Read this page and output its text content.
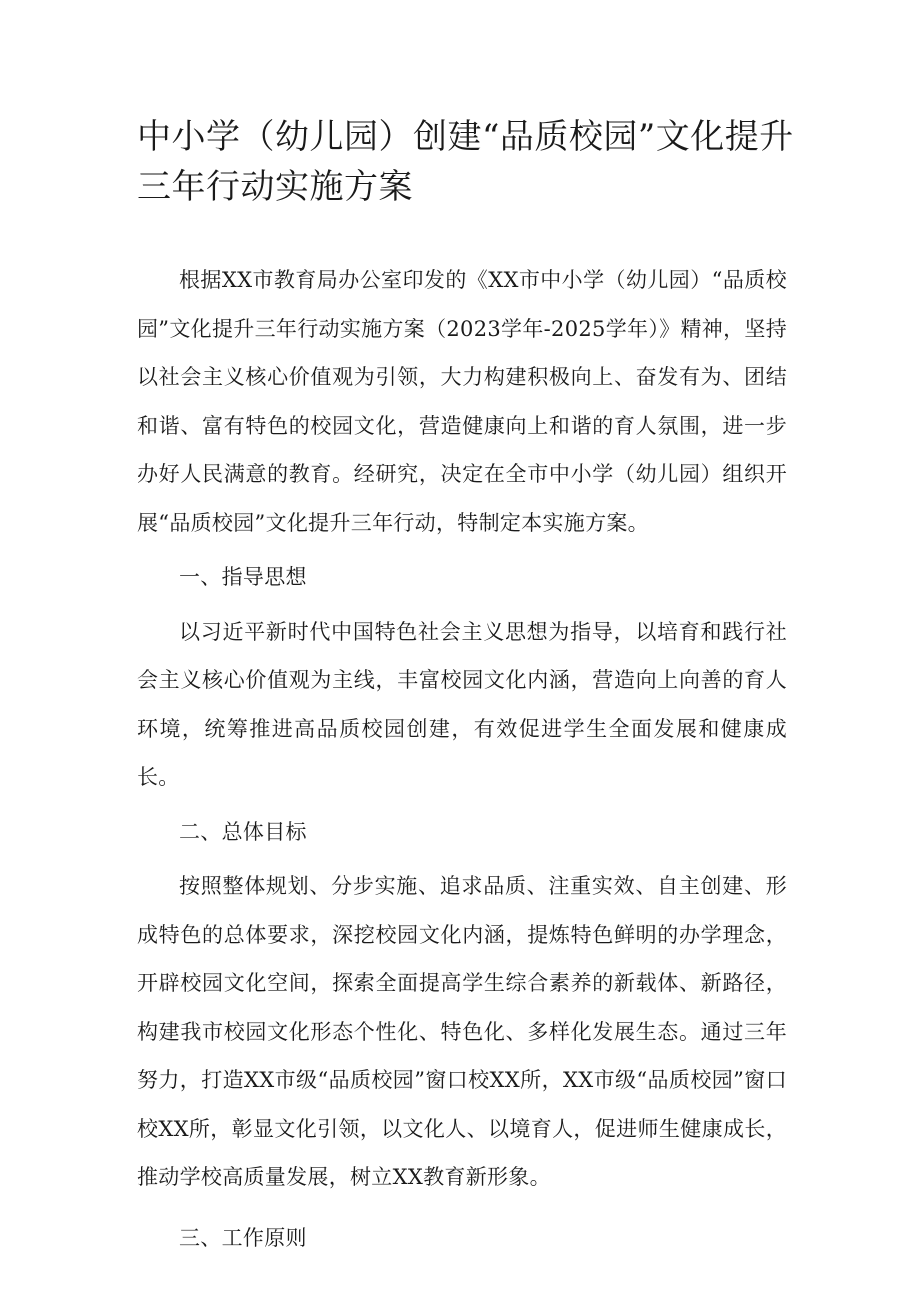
中小学（幼儿园）创建“品质校园”文化提升三年行动实施方案

根据XX市教育局办公室印发的《XX市中小学（幼儿园）“品质校园”文化提升三年行动实施方案（2023学年-2025学年）》精神，坚持以社会主义核心价值观为引领，大力构建积极向上、奋发有为、团结和谐、富有特色的校园文化，营造健康向上和谐的育人氛围，进一步办好人民满意的教育。经研究，决定在全市中小学（幼儿园）组织开展“品质校园”文化提升三年行动，特制定本实施方案。

一、指导思想

以习近平新时代中国特色社会主义思想为指导，以培育和践行社会主义核心价值观为主线，丰富校园文化内涵，营造向上向善的育人环境，统筹推进高品质校园创建，有效促进学生全面发展和健康成长。

二、总体目标

按照整体规划、分步实施、追求品质、注重实效、自主创建、形成特色的总体要求，深挖校园文化内涵，提炼特色鲜明的办学理念，开辟校园文化空间，探索全面提高学生综合素养的新载体、新路径，构建我市校园文化形态个性化、特色化、多样化发展生态。通过三年努力，打造XX市级“品质校园”窗口校XX所，XX市级“品质校园”窗口校XX所，彰显文化引领，以文化人、以境育人，促进师生健康成长，推动学校高质量发展，树立XX教育新形象。

三、工作原则
